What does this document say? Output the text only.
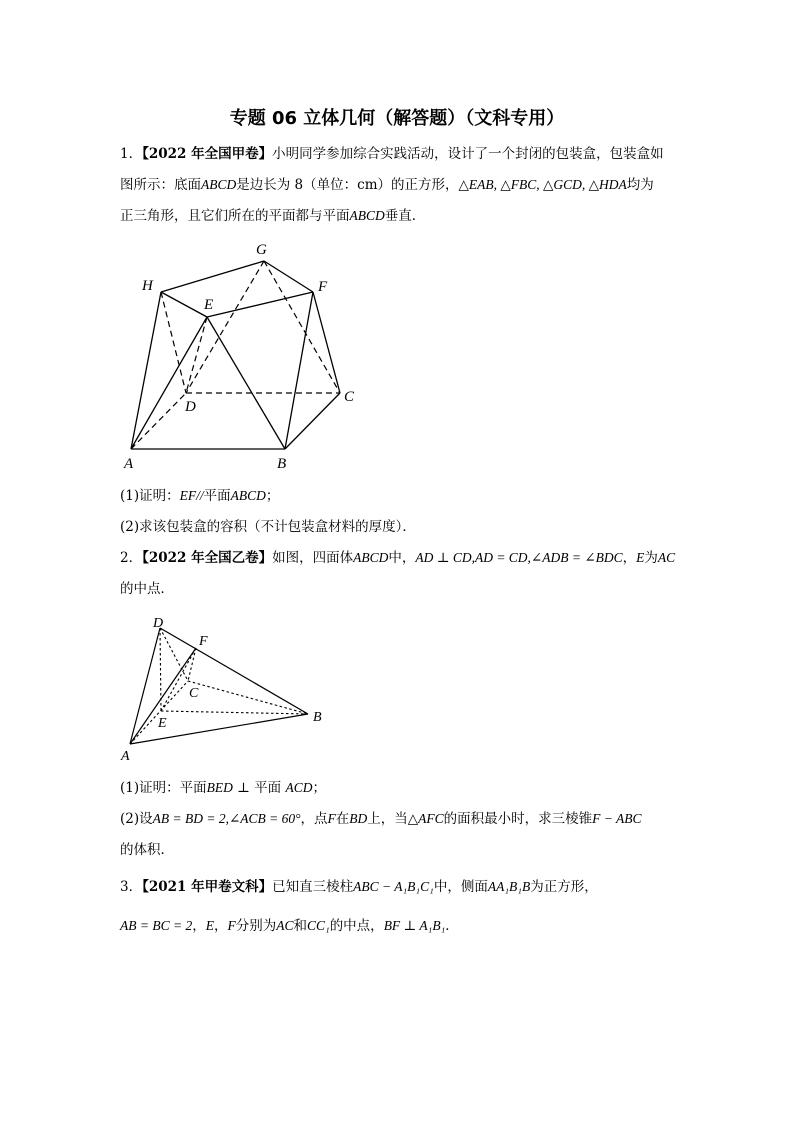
专题 06 立体几何（解答题）（文科专用）
1．【2022 年全国甲卷】小明同学参加综合实践活动，设计了一个封闭的包装盒，包装盒如
图所示：底面ABCD是边长为 8（单位：cm）的正方形，△EAB, △FBC, △GCD, △HDA均为
正三角形，且它们所在的平面都与平面ABCD垂直．
G
H
E
F
D
C
A	B
(1)证明：EF//平面ABCD；
(2)求该包装盒的容积（不计包装盒材料的厚度）．
2．【2022 年全国乙卷】如图，四面体ABCD中，AD ⊥ CD,AD = CD,∠ADB = ∠BDC，E为AC
的中点．
D
F
C
E	B
A
(1)证明：平面BED ⊥ 平面 ACD；
(2)设AB = BD = 2,∠ACB = 60°，点F在BD上，当△AFC的面积最小时，求三棱锥F − ABC
的体积．
3．【2021 年甲卷文科】已知直三棱柱ABC − A₁B₁C₁中，侧面AA₁B₁B为正方形，
AB = BC = 2，E，F分别为AC和CC₁的中点，BF ⊥ A₁B₁．
